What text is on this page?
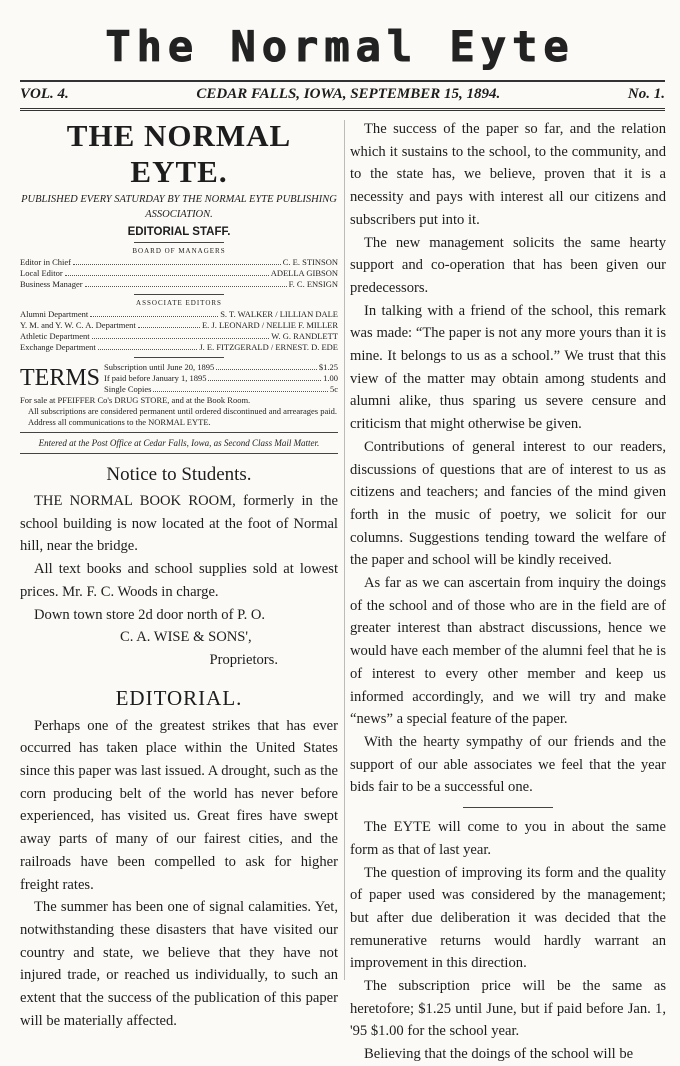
The Normal Eyte
VOL. 4.	CEDAR FALLS, IOWA, SEPTEMBER 15, 1894.	No. 1.
THE NORMAL EYTE.
PUBLISHED EVERY SATURDAY BY THE NORMAL EYTE PUBLISHING ASSOCIATION.
EDITORIAL STAFF.
BOARD OF MANAGERS
Editor in Chief	C. E. STINSON
Local Editor	ADELLA GIBSON
Business Manager	F. C. ENSIGN
ASSOCIATE EDITORS
Alumni Department	S. T. WALKER / LILLIAN DALE
Y. M. and Y. W. C. A. Department	E. J. LEONARD / NELLIE F. MILLER
Athletic Department	W. G. RANDLETT
Exchange Department	J. E. FITZGERALD / ERNEST. D. EDE
TERMS Subscription until June 20, 1895	$1.25
If paid before January 1, 1895	1.00
Single Copies	5c
For sale at PFEIFFER Co's DRUG STORE, and at the Book Room.
All subscriptions are considered permanent until ordered discontinued and arrearages paid.
Address all communications to the NORMAL EYTE.
Entered at the Post Office at Cedar Falls, Iowa, as Second Class Mail Matter.
Notice to Students.

THE NORMAL BOOK ROOM, formerly in the school building is now located at the foot of Normal hill, near the bridge.

All text books and school supplies sold at lowest prices. Mr. F. C. Woods in charge.

Down town store 2d door north of P. O.

C. A. WISE & SONS',
Proprietors.
EDITORIAL.

Perhaps one of the greatest strikes that has ever occurred has taken place within the United States since this paper was last issued. A drought, such as the corn producing belt of the world has never before experienced, has visited us. Great fires have swept away parts of many of our fairest cities, and the railroads have been compelled to ask for higher freight rates.

The summer has been one of signal calamities. Yet, notwithstanding these disasters that have visited our country and state, we believe that they have not injured trade, or reached us individually, to such an extent that the success of the publication of this paper will be materially affected.

The success of the paper so far, and the relation which it sustains to the school, to the community, and to the state has, we believe, proven that it is a necessity and pays with interest all our citizens and subscribers put into it.

The new management solicits the same hearty support and co-operation that has been given our predecessors.

In talking with a friend of the school, this remark was made: “The paper is not any more yours than it is mine. It belongs to us as a school.” We trust that this view of the matter may obtain among students and alumni alike, thus sparing us severe censure and criticism that might otherwise be given.

Contributions of general interest to our readers, discussions of questions that are of interest to us as citizens and teachers; and fancies of the mind given forth in the music of poetry, we solicit for our columns. Suggestions tending toward the welfare of the paper and school will be kindly received.

As far as we can ascertain from inquiry the doings of the school and of those who are in the field are of greater interest than abstract discussions, hence we would have each member of the alumni feel that he is of interest to every other member and keep us informed accordingly, and we will try and make “news” a special feature of the paper.

With the hearty sympathy of our friends and the support of our able associates we feel that the year bids fair to be a successful one.

The EYTE will come to you in about the same form as that of last year.

The question of improving its form and the quality of paper used was considered by the management; but after due deliberation it was decided that the remunerative returns would hardly warrant an improvement in this direction.

The subscription price will be the same as heretofore; $1.25 until June, but if paid before Jan. 1, '95 $1.00 for the school year.

Believing that the doings of the school will be
